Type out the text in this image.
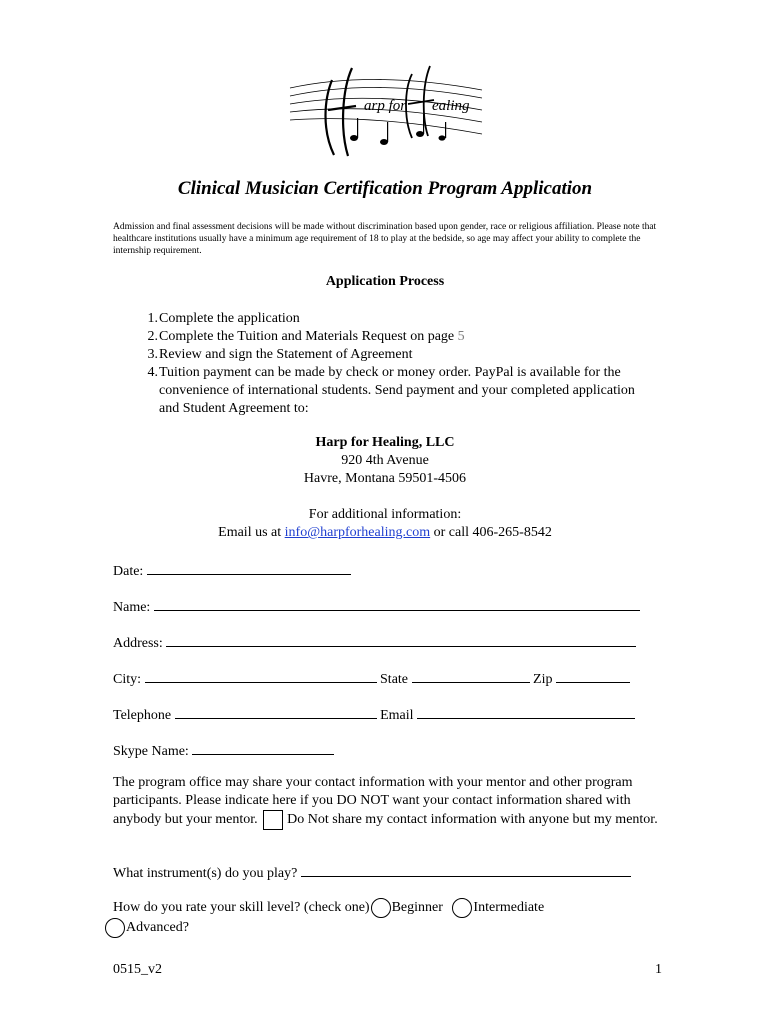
arp for ealing
Clinical Musician Certification Program Application

Admission and final assessment decisions will be made without discrimination based upon gender, race or religious affiliation. Please note that healthcare institutions usually have a minimum age requirement of 18 to play at the bedside, so age may affect your ability to complete the internship requirement.

Application Process
1. Complete the application
2. Complete the Tuition and Materials Request on page 5
3. Review and sign the Statement of Agreement
4. Tuition payment can be made by check or money order. PayPal is available for the convenience of international students. Send payment and your completed application and Student Agreement to:
Harp for Healing, LLC
920 4th Avenue
Havre, Montana 59501-4506
For additional information:
Email us at info@harpforhealing.com or call 406-265-8542
Date:
Name:
Address:
City:	State	Zip
Telephone	Email
Skype Name:

The program office may share your contact information with your mentor and other program participants. Please indicate here if you DO NOT want your contact information shared with anybody but your mentor. Do Not share my contact information with anyone but my mentor.

What instrument(s) do you play?

How do you rate your skill level? (check one) Beginner Intermediate
Advanced?

0515_v2	1
